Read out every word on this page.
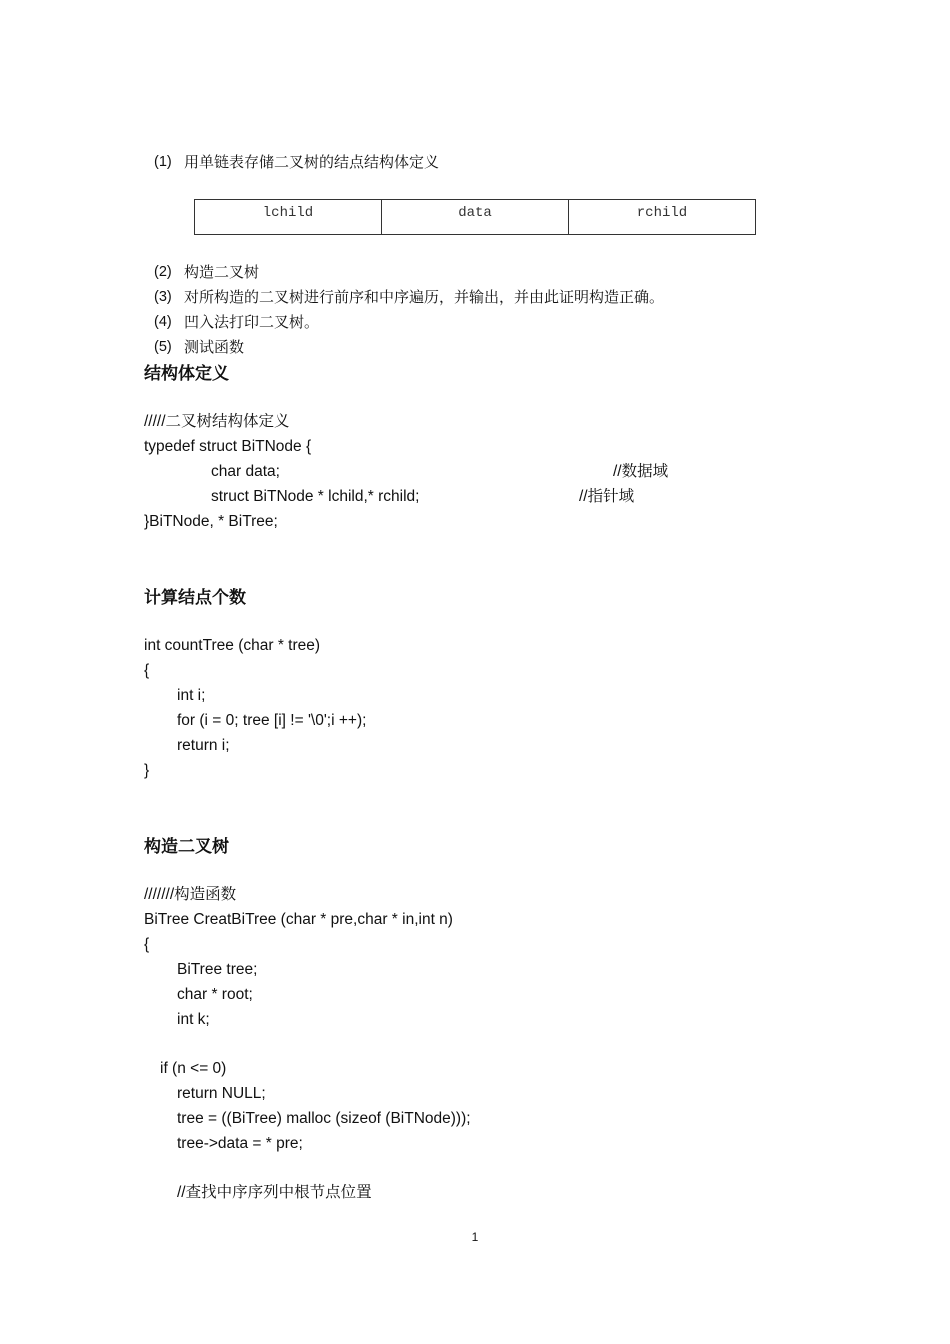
(1) 用单链表存储二叉树的结点结构体定义
lchild	data	rchild
(2) 构造二叉树
(3) 对所构造的二叉树进行前序和中序遍历，并输出，并由此证明构造正确。
(4) 凹入法打印二叉树。
(5) 测试函数
结构体定义
/////二叉树结构体定义
typedef struct BiTNode {
char data;	//数据域
struct BiTNode * lchild,* rchild;	//指针域
}BiTNode, * BiTree;
计算结点个数
int countTree (char * tree)
{
int i;
for (i = 0; tree [i] != '\0';i ++);
return i;
}
构造二叉树
///////构造函数
BiTree CreatBiTree (char * pre,char * in,int n)
{
BiTree tree;
char * root;
int k;
if (n <= 0)
return NULL;
tree = ((BiTree) malloc (sizeof (BiTNode)));
tree->data = * pre;
//查找中序序列中根节点位置
1
